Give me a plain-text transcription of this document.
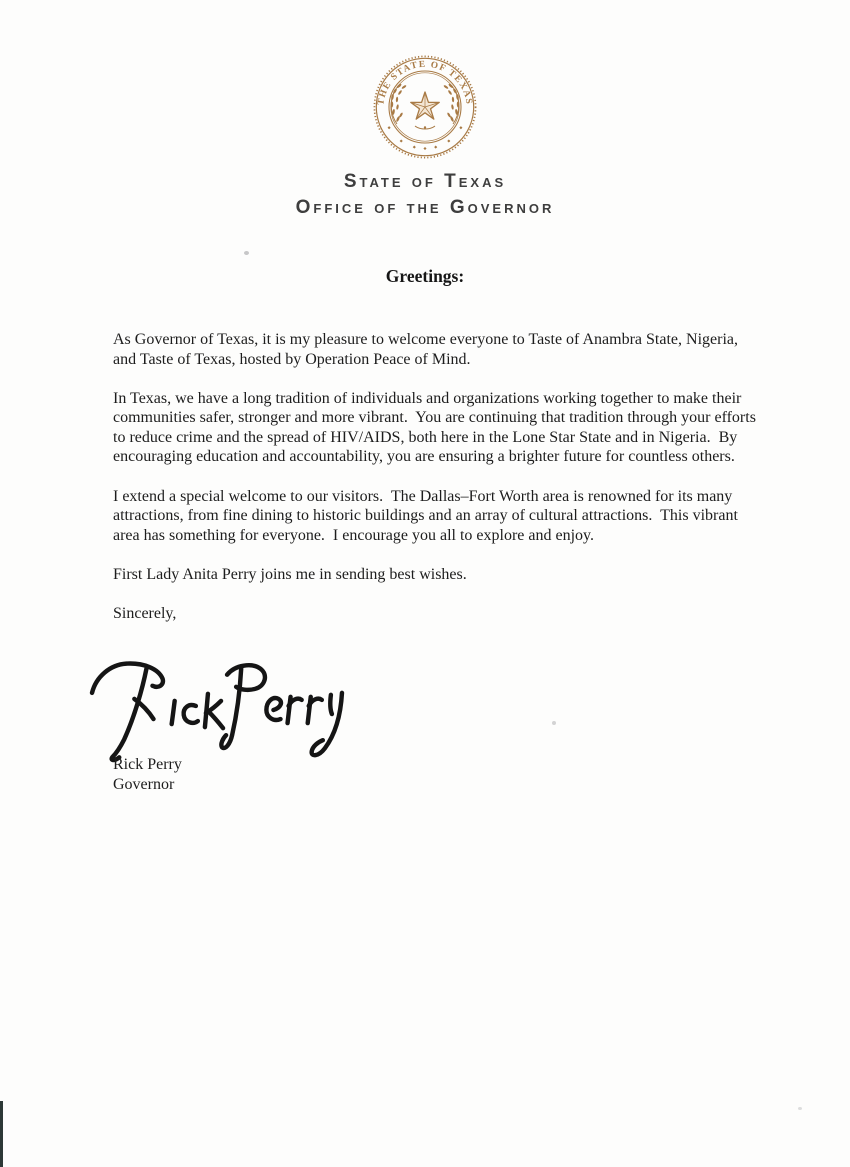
THE STATE OF TEXAS
State of Texas
Office of the Governor
Greetings:

As Governor of Texas, it is my pleasure to welcome everyone to Taste of Anambra State, Nigeria, and Taste of Texas, hosted by Operation Peace of Mind.

In Texas, we have a long tradition of individuals and organizations working together to make their communities safer, stronger and more vibrant.  You are continuing that tradition through your efforts to reduce crime and the spread of HIV/AIDS, both here in the Lone Star State and in Nigeria.  By encouraging education and accountability, you are ensuring a brighter future for countless others.

I extend a special welcome to our visitors.  The Dallas–Fort Worth area is renowned for its many attractions, from fine dining to historic buildings and an array of cultural attractions.  This vibrant area has something for everyone.  I encourage you all to explore and enjoy.

First Lady Anita Perry joins me in sending best wishes.

Sincerely,

Rick Perry
Governor
